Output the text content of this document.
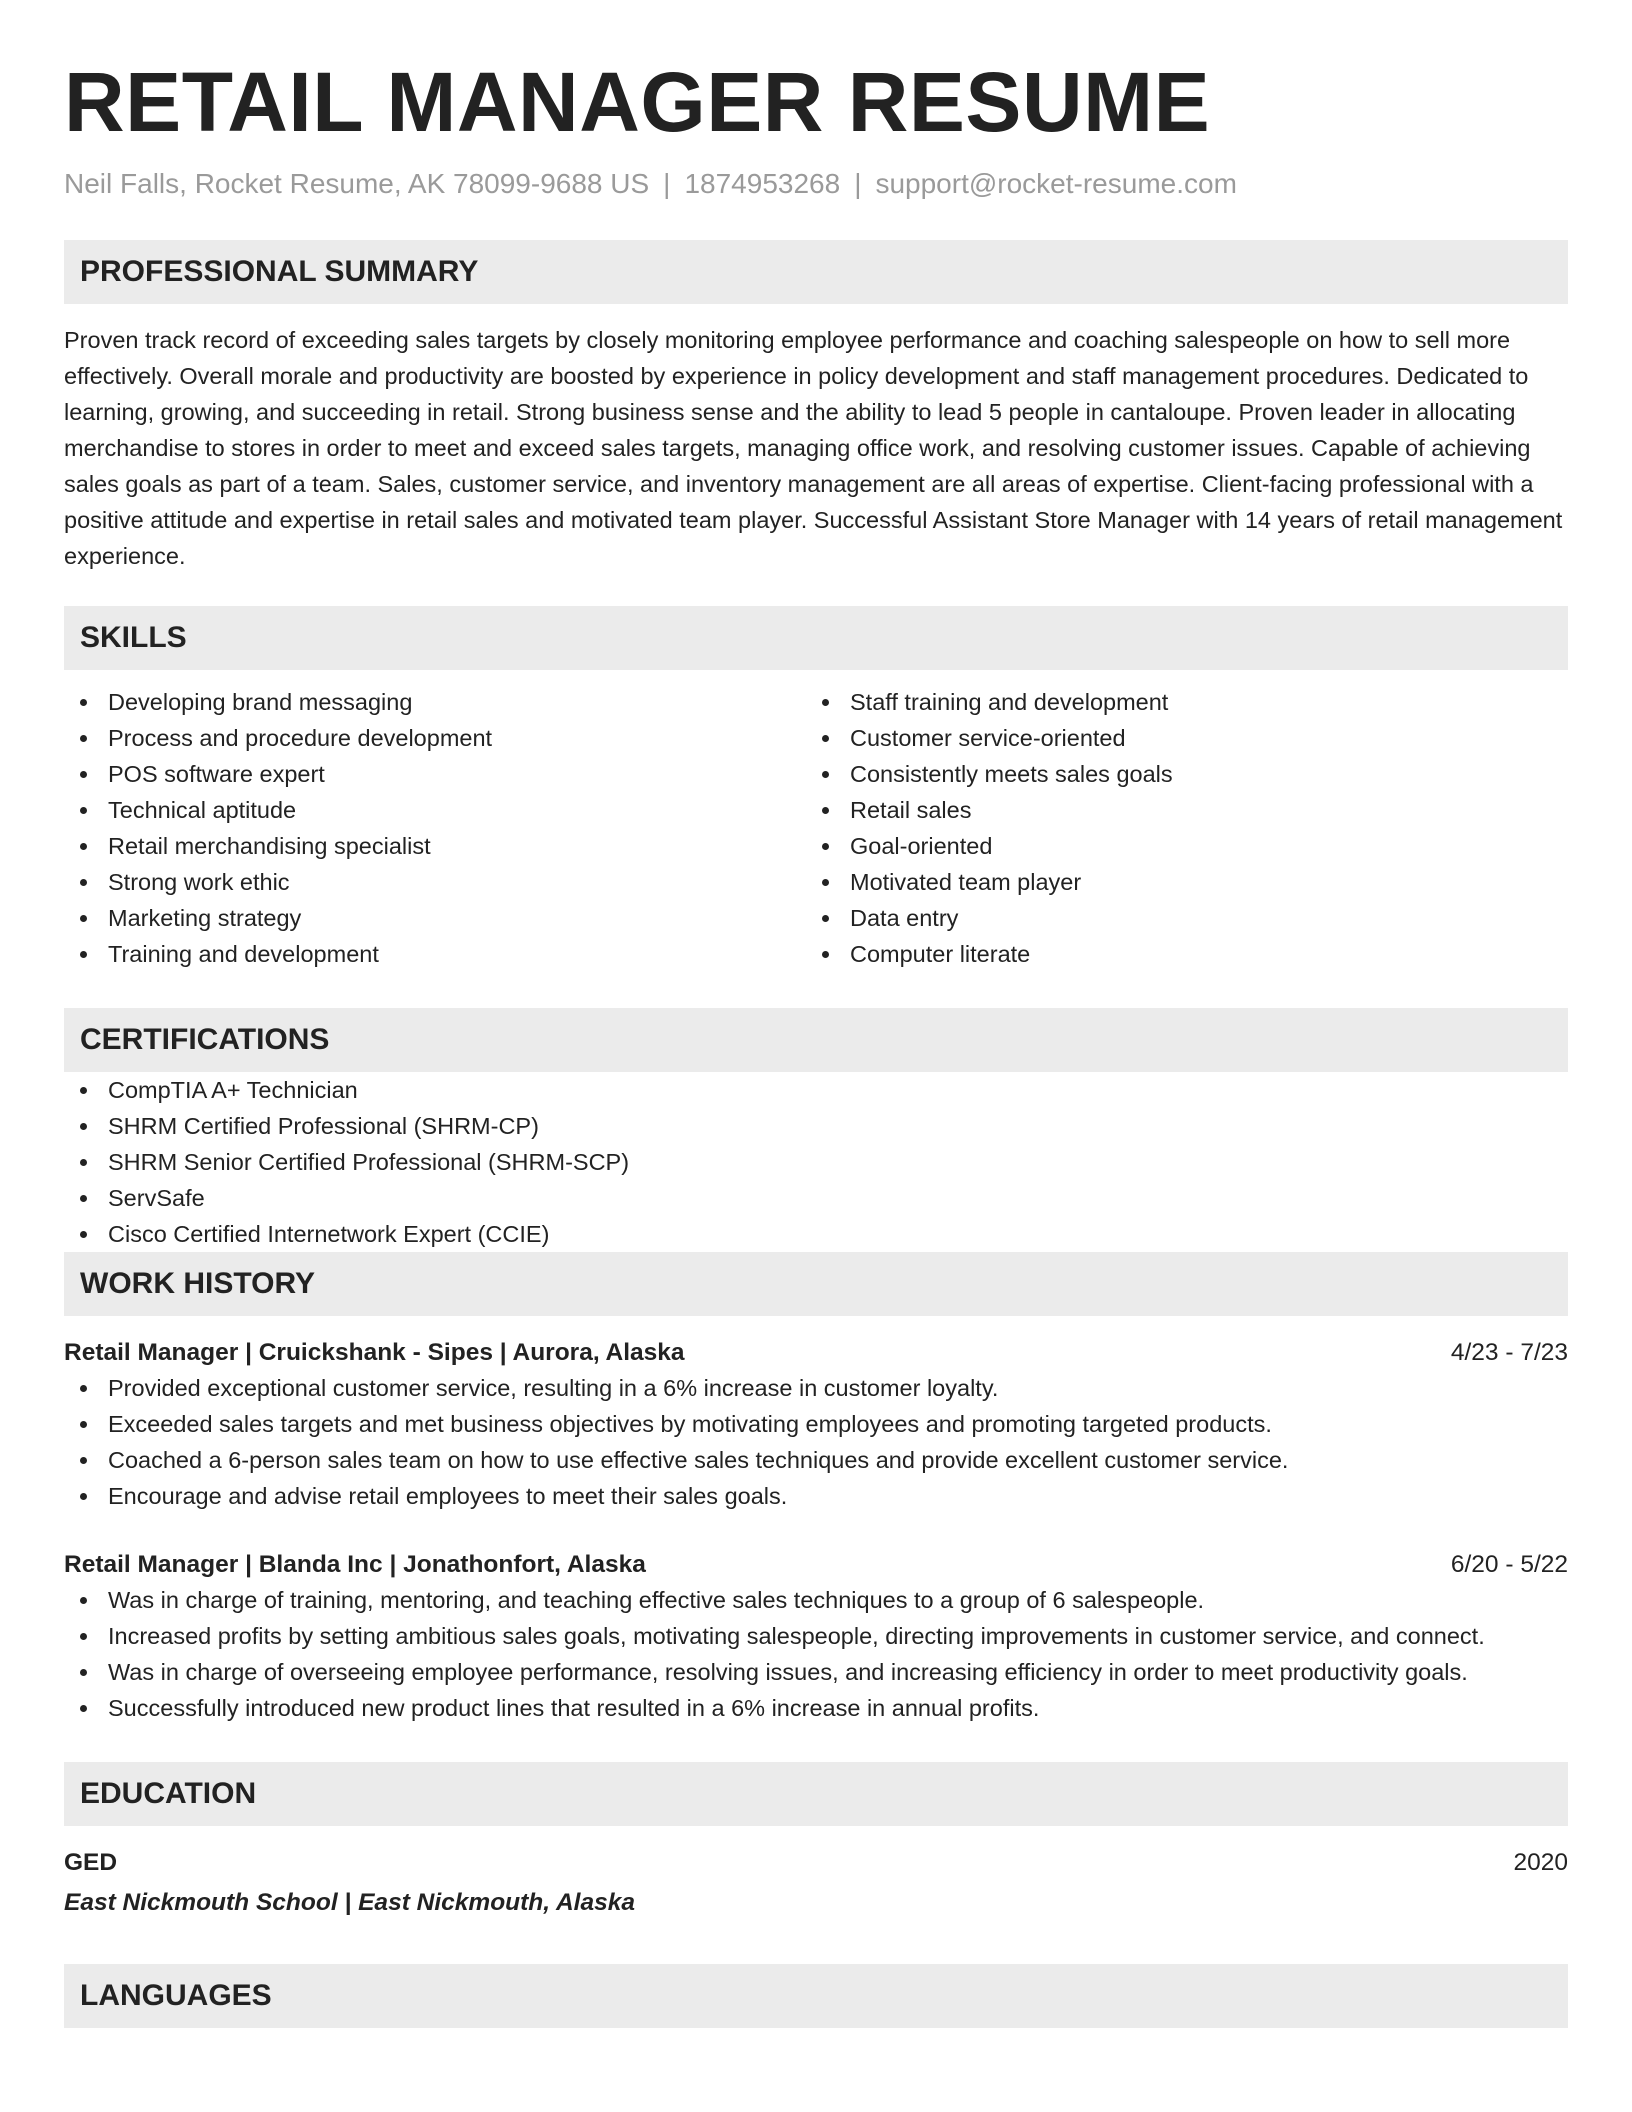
RETAIL MANAGER RESUME
Neil Falls, Rocket Resume, AK 78099-9688 US | 1874953268 | support@rocket-resume.com
PROFESSIONAL SUMMARY

Proven track record of exceeding sales targets by closely monitoring employee performance and coaching salespeople on how to sell more effectively. Overall morale and productivity are boosted by experience in policy development and staff management procedures. Dedicated to learning, growing, and succeeding in retail. Strong business sense and the ability to lead 5 people in cantaloupe. Proven leader in allocating merchandise to stores in order to meet and exceed sales targets, managing office work, and resolving customer issues. Capable of achieving sales goals as part of a team. Sales, customer service, and inventory management are all areas of expertise. Client-facing professional with a positive attitude and expertise in retail sales and motivated team player. Successful Assistant Store Manager with 14 years of retail management experience.

SKILLS
Developing brand messaging
Process and procedure development
POS software expert
Technical aptitude
Retail merchandising specialist
Strong work ethic
Marketing strategy
Training and development
Staff training and development
Customer service-oriented
Consistently meets sales goals
Retail sales
Goal-oriented
Motivated team player
Data entry
Computer literate
CERTIFICATIONS
CompTIA A+ Technician
SHRM Certified Professional (SHRM-CP)
SHRM Senior Certified Professional (SHRM-SCP)
ServSafe
Cisco Certified Internetwork Expert (CCIE)
WORK HISTORY
Retail Manager | Cruickshank - Sipes | Aurora, Alaska	4/23 - 7/23
Provided exceptional customer service, resulting in a 6% increase in customer loyalty.
Exceeded sales targets and met business objectives by motivating employees and promoting targeted products.
Coached a 6-person sales team on how to use effective sales techniques and provide excellent customer service.
Encourage and advise retail employees to meet their sales goals.
Retail Manager | Blanda Inc | Jonathonfort, Alaska	6/20 - 5/22
Was in charge of training, mentoring, and teaching effective sales techniques to a group of 6 salespeople.
Increased profits by setting ambitious sales goals, motivating salespeople, directing improvements in customer service, and connect.
Was in charge of overseeing employee performance, resolving issues, and increasing efficiency in order to meet productivity goals.
Successfully introduced new product lines that resulted in a 6% increase in annual profits.
EDUCATION
GED	2020
East Nickmouth School | East Nickmouth, Alaska
LANGUAGES
